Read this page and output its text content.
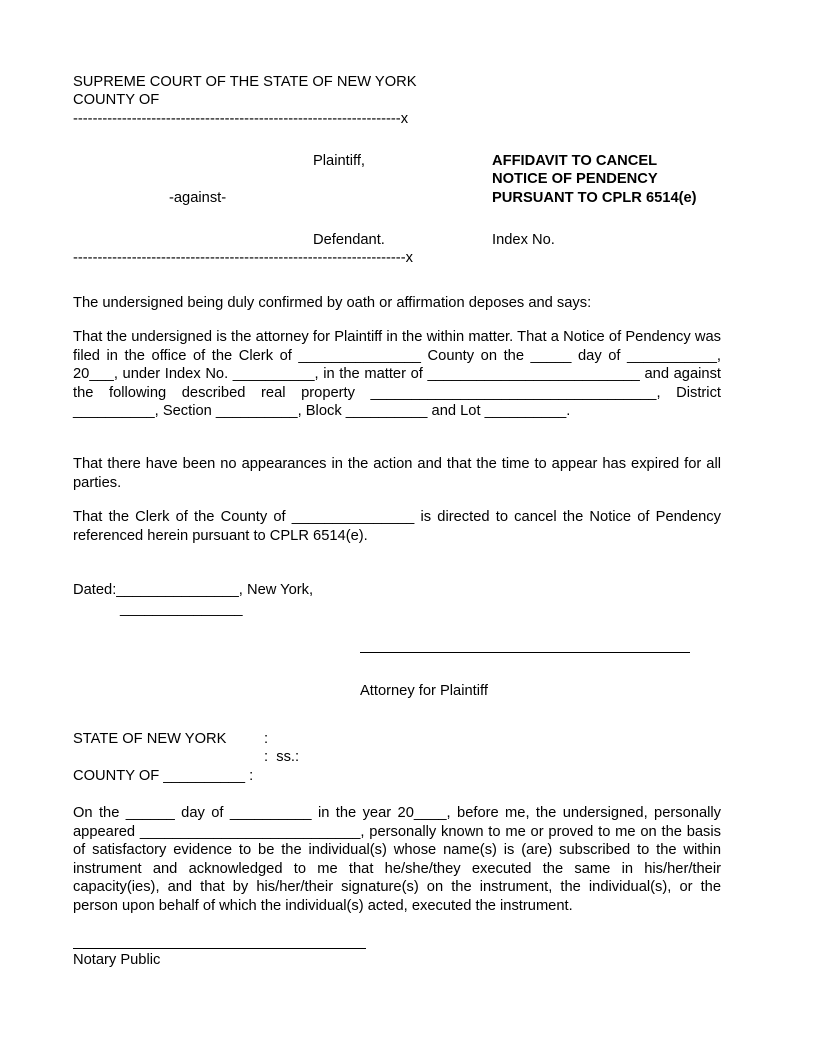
SUPREME COURT OF THE STATE OF NEW YORK
COUNTY OF
-------------------------------------------------------------------x
Plaintiff,	AFFIDAVIT TO CANCEL
NOTICE OF PENDENCY
-against-	PURSUANT TO CPLR 6514(e)
Defendant.	Index No.
--------------------------------------------------------------------x
The undersigned being duly confirmed by oath or affirmation deposes and says:
That the undersigned is the attorney for Plaintiff in the within matter. That a Notice of Pendency was filed in the office of the Clerk of _______________ County on the _____ day of ___________, 20___, under Index No. __________, in the matter of __________________________ and against the following described real property ___________________________________, District __________, Section __________, Block __________ and Lot __________.
That there have been no appearances in the action and that the time to appear has expired for all parties.
That the Clerk of the County of _______________ is directed to cancel the Notice of Pendency referenced herein pursuant to CPLR 6514(e).
Dated:_______________, New York,
_______________
Attorney for Plaintiff
STATE OF NEW YORK	:
:  ss.:
COUNTY OF __________ :
On the ______ day of __________ in the year 20____, before me, the undersigned, personally appeared ___________________________, personally known to me or proved to me on the basis of satisfactory evidence to be the individual(s) whose name(s) is (are) subscribed to the within instrument and acknowledged to me that he/she/they executed the same in his/her/their capacity(ies), and that by his/her/their signature(s) on the instrument, the individual(s), or the person upon behalf of which the individual(s) acted, executed the instrument.
Notary Public
